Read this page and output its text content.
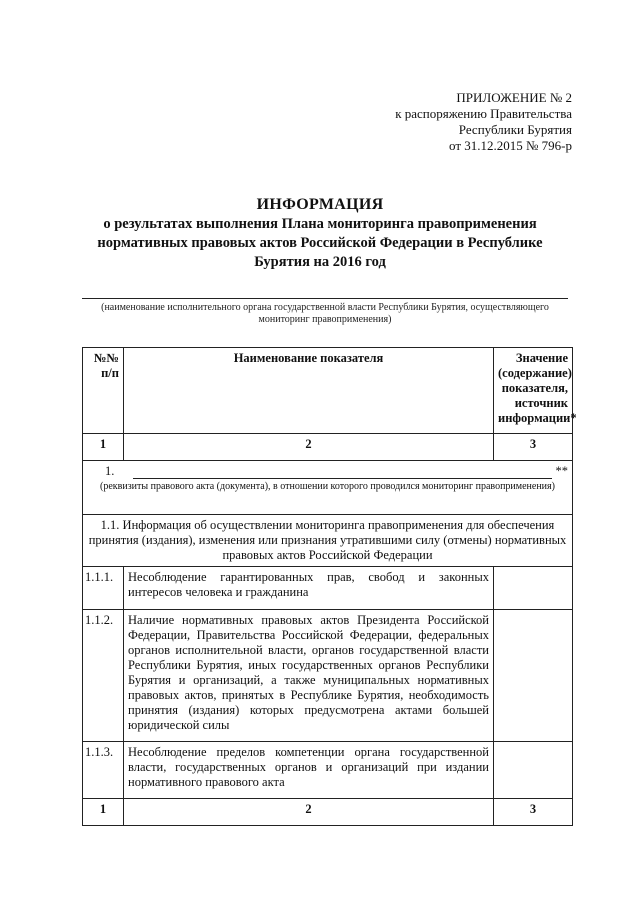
ПРИЛОЖЕНИЕ № 2
к распоряжению Правительства
Республики Бурятия
от 31.12.2015 № 796-р
ИНФОРМАЦИЯ
о результатах выполнения Плана мониторинга правоприменения нормативных правовых актов Российской Федерации в Республике Бурятия на 2016 год
(наименование исполнительного органа государственной власти Республики Бурятия, осуществляющего мониторинг правоприменения)
№№ п/п	Наименование показателя	Значение (содержание) показателя, источник информации*
1	2	3

1. **
(реквизиты правового акта (документа), в отношении которого проводился мониторинг правоприменения)		

1.1. Информация об осуществлении мониторинга правоприменения для обеспечения принятия (издания), изменения или признания утратившими силу (отмены) нормативных правовых актов Российской Федерации		
1.1.1.	Несоблюдение гарантированных прав, свобод и законных интересов человека и гражданина	
1.1.2.	Наличие нормативных правовых актов Президента Российской Федерации, Правительства Российской Федерации, федеральных органов исполнительной власти, органов государственной власти Республики Бурятия, иных государственных органов Республики Бурятия и организаций, а также муниципальных нормативных правовых актов, принятых в Республике Бурятия, необходимость принятия (издания) которых предусмотрена актами большей юридической силы	
1.1.3.	Несоблюдение пределов компетенции органа государственной власти, государственных органов и организаций при издании нормативного правового акта	
1	2	3
